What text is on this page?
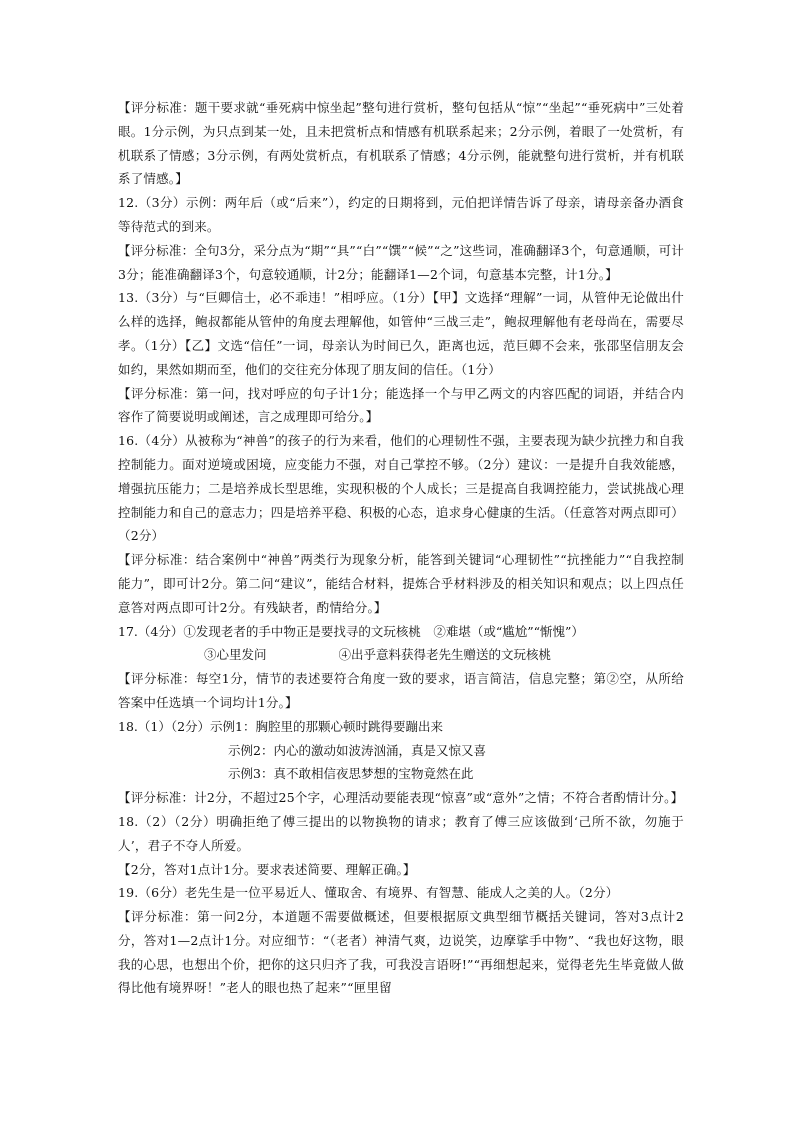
【评分标准：题干要求就“垂死病中惊坐起”整句进行赏析，整句包括从“惊”“坐起”“垂死病中”三处着眼。1分示例，为只点到某一处，且未把赏析点和情感有机联系起来；2分示例，着眼了一处赏析，有机联系了情感；3分示例，有两处赏析点，有机联系了情感；4分示例，能就整句进行赏析，并有机联系了情感。】

12.（3分）示例：两年后（或“后来”），约定的日期将到，元伯把详情告诉了母亲，请母亲备办酒食等待范式的到来。

【评分标准：全句3分，采分点为“期”“具”“白”“馔”“候”“之”这些词，准确翻译3个，句意通顺，可计3分；能准确翻译3个，句意较通顺，计2分；能翻译1—2个词，句意基本完整，计1分。】

13.（3分）与“巨卿信士，必不乖违！”相呼应。（1分）【甲】文选择“理解”一词，从管仲无论做出什么样的选择，鲍叔都能从管仲的角度去理解他，如管仲“三战三走”，鲍叔理解他有老母尚在，需要尽孝。（1分）【乙】文选“信任”一词，母亲认为时间已久，距离也远，范巨卿不会来，张邵坚信朋友会如约，果然如期而至，他们的交往充分体现了朋友间的信任。（1分）

【评分标准：第一问，找对呼应的句子计1分；能选择一个与甲乙两文的内容匹配的词语，并结合内容作了简要说明或阐述，言之成理即可给分。】

16.（4分）从被称为“神兽”的孩子的行为来看，他们的心理韧性不强，主要表现为缺少抗挫力和自我控制能力。面对逆境或困境，应变能力不强，对自己掌控不够。（2分）建议：一是提升自我效能感，增强抗压能力；二是培养成长型思维，实现积极的个人成长；三是提高自我调控能力，尝试挑战心理控制能力和自己的意志力；四是培养平稳、积极的心态，追求身心健康的生活。（任意答对两点即可）（2分）

【评分标准：结合案例中“神兽”两类行为现象分析，能答到关键词“心理韧性”“抗挫能力”“自我控制能力”，即可计2分。第二问“建议”，能结合材料，提炼合乎材料涉及的相关知识和观点；以上四点任意答对两点即可计2分。有残缺者，酌情给分。】

17.（4分）①发现老者的手中物正是要找寻的文玩核桃　②难堪（或“尴尬”“惭愧”）

③心里发问	④出乎意料获得老先生赠送的文玩核桃

【评分标准：每空1分，情节的表述要符合角度一致的要求，语言简洁，信息完整；第②空，从所给答案中任选填一个词均计1分。】

18.（1）（2分）示例1：胸腔里的那颗心顿时跳得要蹦出来

示例2：内心的激动如波涛汹涌，真是又惊又喜

示例3：真不敢相信夜思梦想的宝物竟然在此

【评分标准：计2分，不超过25个字，心理活动要能表现“惊喜”或“意外”之情；不符合者酌情计分。】

18.（2）（2分）明确拒绝了傅三提出的以物换物的请求；教育了傅三应该做到‘己所不欲，勿施于人’，君子不夺人所爱。

【2分，答对1点计1分。要求表述简要、理解正确。】

19.（6分）老先生是一位平易近人、懂取舍、有境界、有智慧、能成人之美的人。（2分）

【评分标准：第一问2分，本道题不需要做概述，但要根据原文典型细节概括关键词，答对3点计2分，答对1—2点计1分。对应细节：“（老者）神清气爽，边说笑，边摩挲手中物”、“我也好这物，眼我的心思，也想出个价，把你的这只归齐了我，可我没言语呀!”“再细想起来，觉得老先生毕竟做人做得比他有境界呀！”老人的眼也热了起来”“匣里留
